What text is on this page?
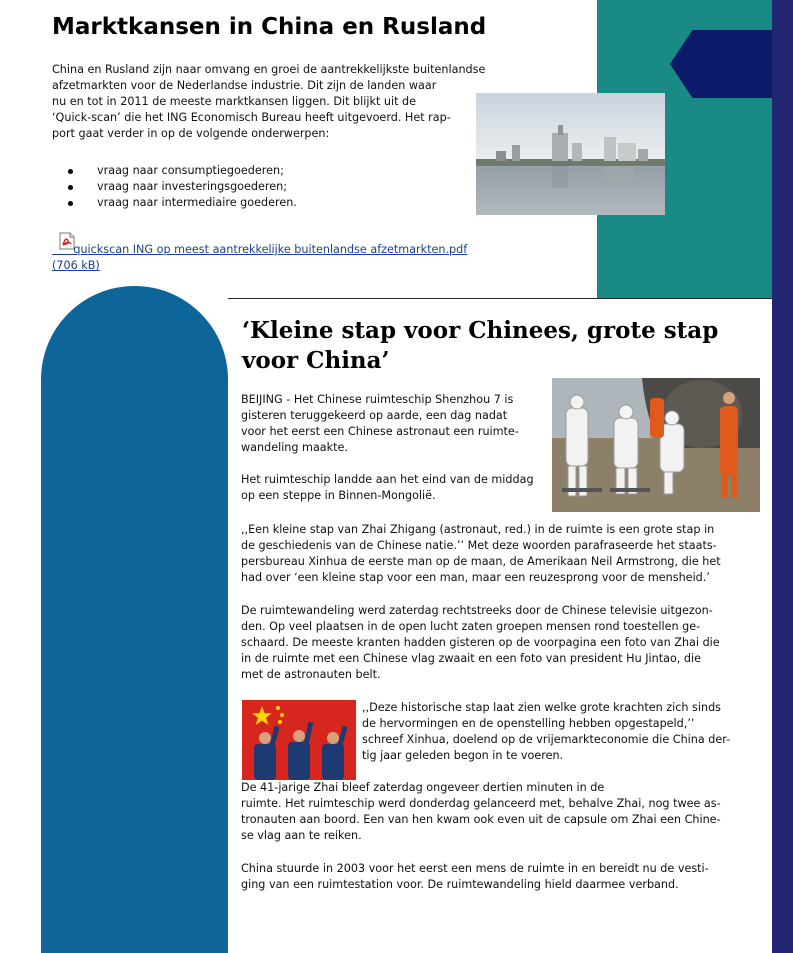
Marktkansen in China en Rusland

China en Rusland zijn naar omvang en groei de aantrekkelijkste buitenlandse
afzetmarkten voor de Nederlandse industrie. Dit zijn de landen waar
nu en tot in 2011 de meeste marktkansen liggen. Dit blijkt uit de
‘Quick-scan’ die het ING Economisch Bureau heeft uitgevoerd. Het rap-
port gaat verder in op de volgende onderwerpen:

vraag naar consumptiegoederen;
vraag naar investeringsgoederen;
vraag naar intermediaire goederen.
quickscan ING op meest aantrekkelijke buitenlandse afzetmarkten.pdf
(706 kB)
‘Kleine stap voor Chinees, grote stap voor China’

BEIJING - Het Chinese ruimteschip Shenzhou 7 is
gisteren teruggekeerd op aarde, een dag nadat
voor het eerst een Chinese astronaut een ruimte-
wandeling maakte.

Het ruimteschip landde aan het eind van de middag
op een steppe in Binnen-Mongolië.

,,Een kleine stap van Zhai Zhigang (astronaut, red.) in de ruimte is een grote stap in
de geschiedenis van de Chinese natie.’’ Met deze woorden parafraseerde het staats-
persbureau Xinhua de eerste man op de maan, de Amerikaan Neil Armstrong, die het
had over ‘een kleine stap voor een man, maar een reuzesprong voor de mensheid.’

De ruimtewandeling werd zaterdag rechtstreeks door de Chinese televisie uitgezon-
den. Op veel plaatsen in de open lucht zaten groepen mensen rond toestellen ge-
schaard. De meeste kranten hadden gisteren op de voorpagina een foto van Zhai die
in de ruimte met een Chinese vlag zwaait en een foto van president Hu Jintao, die
met de astronauten belt.

,,Deze historische stap laat zien welke grote krachten zich sinds
de hervormingen en de openstelling hebben opgestapeld,’’
schreef Xinhua, doelend op de vrijemarkteconomie die China der-
tig jaar geleden begon in te voeren.

De 41-jarige Zhai bleef zaterdag ongeveer dertien minuten in de
ruimte. Het ruimteschip werd donderdag gelanceerd met, behalve Zhai, nog twee as-
tronauten aan boord. Een van hen kwam ook even uit de capsule om Zhai een Chine-
se vlag aan te reiken.

China stuurde in 2003 voor het eerst een mens de ruimte in en bereidt nu de vesti-
ging van een ruimtestation voor. De ruimtewandeling hield daarmee verband.
